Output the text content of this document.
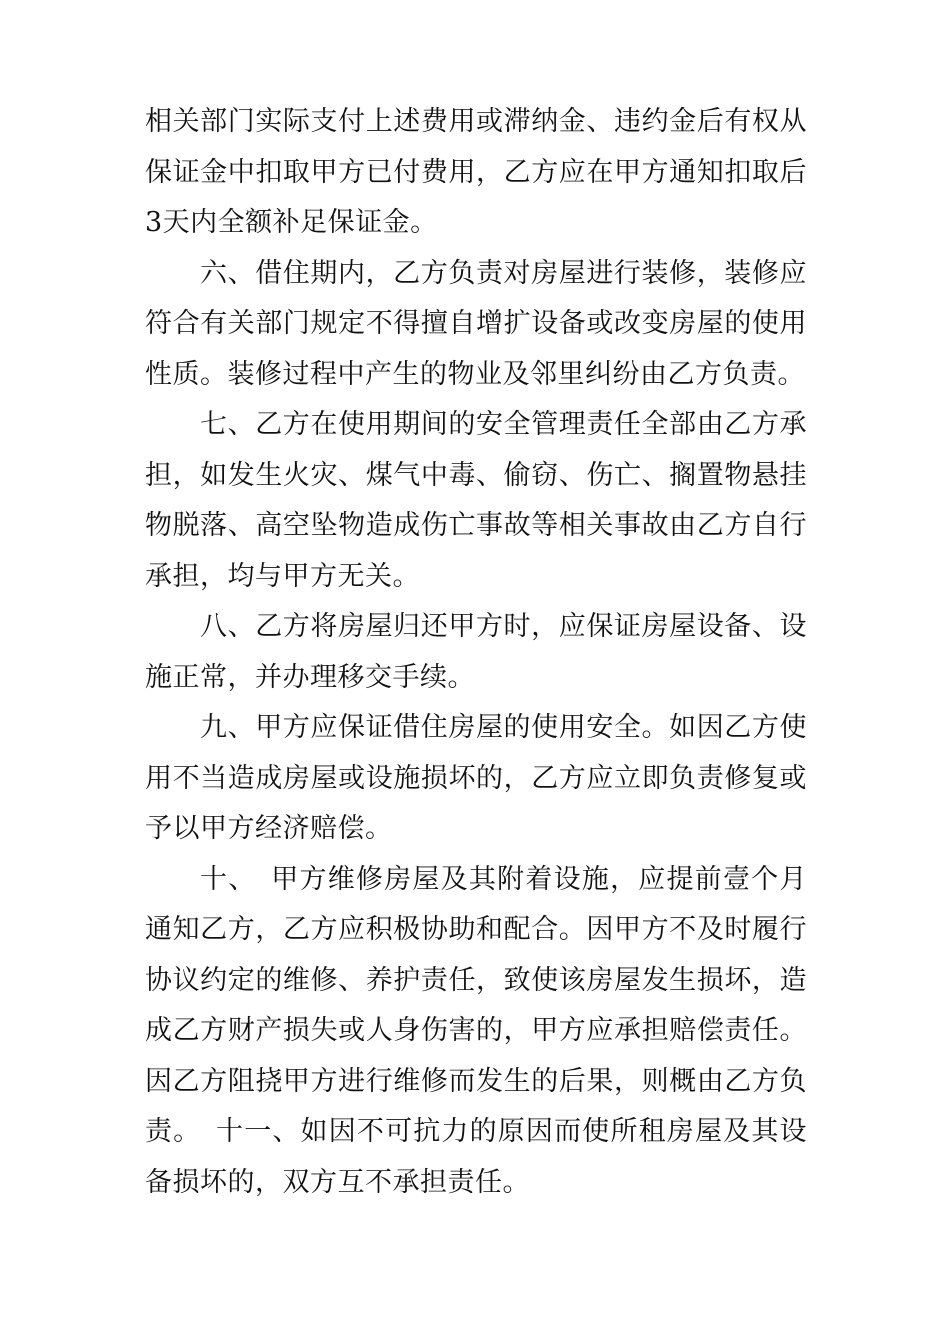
相关部门实际支付上述费用或滞纳金、违约金后有权从保证金中扣取甲方已付费用，乙方应在甲方通知扣取后3天内全额补足保证金。

六、借住期内，乙方负责对房屋进行装修，装修应符合有关部门规定不得擅自增扩设备或改变房屋的使用性质。装修过程中产生的物业及邻里纠纷由乙方负责。

七、乙方在使用期间的安全管理责任全部由乙方承担，如发生火灾、煤气中毒、偷窃、伤亡、搁置物悬挂物脱落、高空坠物造成伤亡事故等相关事故由乙方自行承担，均与甲方无关。

八、乙方将房屋归还甲方时，应保证房屋设备、设施正常，并办理移交手续。

九、甲方应保证借住房屋的使用安全。如因乙方使用不当造成房屋或设施损坏的，乙方应立即负责修复或予以甲方经济赔偿。

十、　甲方维修房屋及其附着设施，应提前壹个月通知乙方，乙方应积极协助和配合。因甲方不及时履行协议约定的维修、养护责任，致使该房屋发生损坏，造成乙方财产损失或人身伤害的，甲方应承担赔偿责任。因乙方阻挠甲方进行维修而发生的后果，则概由乙方负责。　十一、如因不可抗力的原因而使所租房屋及其设备损坏的，双方互不承担责任。
